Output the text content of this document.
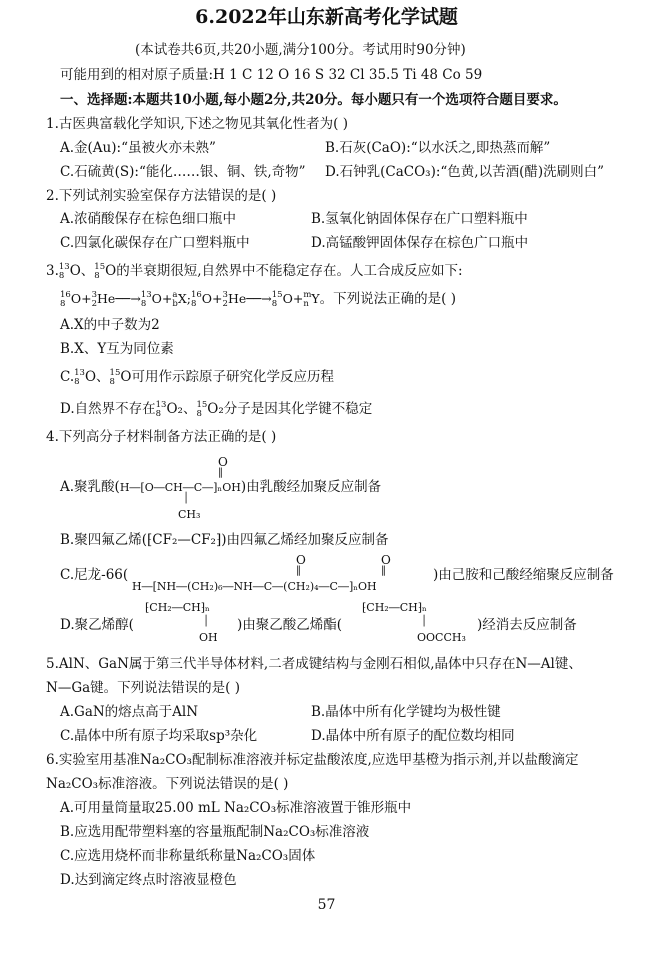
6.2022年山东新高考化学试题
(本试卷共6页,共20小题,满分100分。考试用时90分钟)
可能用到的相对原子质量:H 1 C 12 O 16 S 32 Cl 35.5 Ti 48 Co 59
一、选择题:本题共10小题,每小题2分,共20分。每小题只有一个选项符合题目要求。
1.古医典富载化学知识,下述之物见其氧化性者为( )
A.金(Au):“虽被火亦未熟”	B.石灰(CaO):“以水沃之,即热蒸而解”
C.石硫黄(S):“能化……银、铜、铁,奇物” D.石钟乳(CaCO₃):“色黄,以苦酒(醋)洗刷则白”
2.下列试剂实验室保存方法错误的是( )
A.浓硝酸保存在棕色细口瓶中	B.氢氧化钠固体保存在广口塑料瓶中
C.四氯化碳保存在广口塑料瓶中	D.高锰酸钾固体保存在棕色广口瓶中
3. 13
8 O、 15
8 O的半衰期很短,自然界中不能稳定存在。人工合成反应如下:
16
8 O+ 3
2 He──→ 13
8 O+ a
b X; 16
8 O+ 3
2 He──→ 15
8 O+ m
n Y。下列说法正确的是( )
A.X的中子数为2
B.X、Y互为同位素
C. 13
8 O、 15
8 O可用作示踪原子研究化学反应历程
D.自然界不存在 13
8 O₂、 15
8 O₂分子是因其化学键不稳定
4.下列高分子材料制备方法正确的是( )
O
‖
A.聚乳酸(H―[O―CH―C―]ₙOH)由乳酸经加聚反应制备
│
CH₃
B.聚四氟乙烯(⁅CF₂—CF₂⁆)由四氟乙烯经加聚反应制备
O	O
‖	‖
C.尼龙-66(
H―[NH―(CH₂)₆―NH―C―(CH₂)₄―C―]ₙOH
)由己胺和己酸经缩聚反应制备
⁅CH₂―CH⁆ₙ	⁅CH₂―CH⁆ₙ
D.聚乙烯醇(	)由聚乙酸乙烯酯(	)经消去反应制备
│	│
OH	OOCCH₃
5.AlN、GaN属于第三代半导体材料,二者成键结构与金刚石相似,晶体中只存在N—Al键、
N—Ga键。下列说法错误的是( )
A.GaN的熔点高于AlN	B.晶体中所有化学键均为极性键
C.晶体中所有原子均采取sp³杂化	D.晶体中所有原子的配位数均相同
6.实验室用基准Na₂CO₃配制标准溶液并标定盐酸浓度,应选甲基橙为指示剂,并以盐酸滴定
Na₂CO₃标准溶液。下列说法错误的是( )
A.可用量筒量取25.00 mL Na₂CO₃标准溶液置于锥形瓶中
B.应选用配带塑料塞的容量瓶配制Na₂CO₃标准溶液
C.应选用烧杯而非称量纸称量Na₂CO₃固体
D.达到滴定终点时溶液显橙色
57
